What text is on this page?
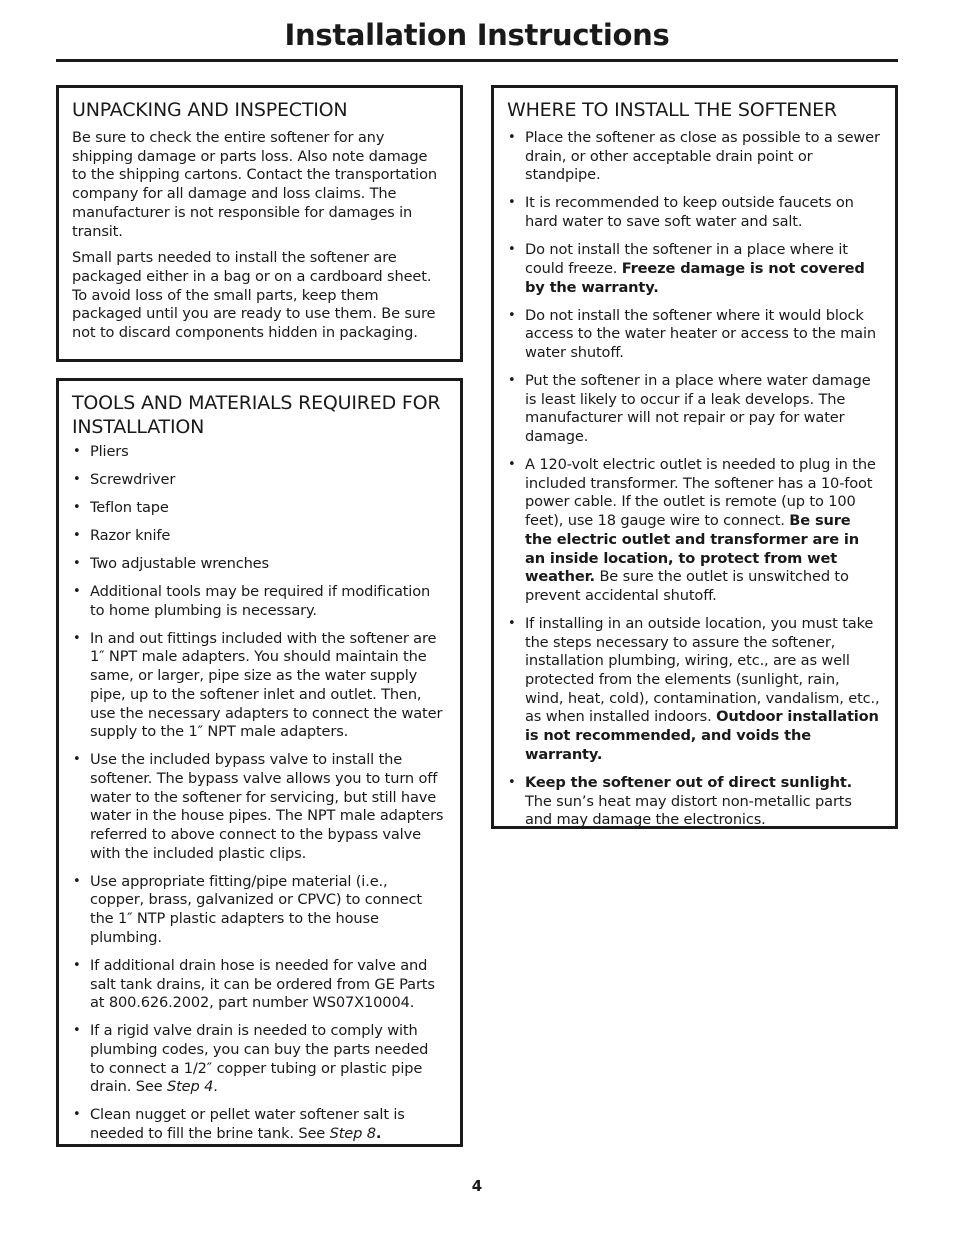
Installation Instructions
UNPACKING AND INSPECTION

Be sure to check the entire softener for any shipping damage or parts loss. Also note damage to the shipping cartons. Contact the transportation company for all damage and loss claims. The manufacturer is not responsible for damages in transit.

Small parts needed to install the softener are packaged either in a bag or on a cardboard sheet. To avoid loss of the small parts, keep them packaged until you are ready to use them. Be sure not to discard components hidden in packaging.

TOOLS AND MATERIALS REQUIRED FOR INSTALLATION
• Pliers
• Screwdriver
• Teflon tape
• Razor knife
• Two adjustable wrenches
• Additional tools may be required if modification to home plumbing is necessary.
• In and out fittings included with the softener are 1″ NPT male adapters. You should maintain the same, or larger, pipe size as the water supply pipe, up to the softener inlet and outlet. Then, use the necessary adapters to connect the water supply to the 1″ NPT male adapters.
• Use the included bypass valve to install the softener. The bypass valve allows you to turn off water to the softener for servicing, but still have water in the house pipes. The NPT male adapters referred to above connect to the bypass valve with the included plastic clips.
• Use appropriate fitting/pipe material (i.e., copper, brass, galvanized or CPVC) to connect the 1″ NTP plastic adapters to the house plumbing.
• If additional drain hose is needed for valve and salt tank drains, it can be ordered from GE Parts at 800.626.2002, part number WS07X10004.
• If a rigid valve drain is needed to comply with plumbing codes, you can buy the parts needed to connect a 1/2″ copper tubing or plastic pipe drain. See Step 4.
• Clean nugget or pellet water softener salt is needed to fill the brine tank. See Step 8.
WHERE TO INSTALL THE SOFTENER
• Place the softener as close as possible to a sewer drain, or other acceptable drain point or standpipe.
• It is recommended to keep outside faucets on hard water to save soft water and salt.
• Do not install the softener in a place where it could freeze. Freeze damage is not covered by the warranty.
• Do not install the softener where it would block access to the water heater or access to the main water shutoff.
• Put the softener in a place where water damage is least likely to occur if a leak develops. The manufacturer will not repair or pay for water damage.
• A 120-volt electric outlet is needed to plug in the included transformer. The softener has a 10-foot power cable. If the outlet is remote (up to 100 feet), use 18 gauge wire to connect. Be sure the electric outlet and transformer are in an inside location, to protect from wet weather. Be sure the outlet is unswitched to prevent accidental shutoff.
• If installing in an outside location, you must take the steps necessary to assure the softener, installation plumbing, wiring, etc., are as well protected from the elements (sunlight, rain, wind, heat, cold), contamination, vandalism, etc., as when installed indoors. Outdoor installation is not recommended, and voids the warranty.
• Keep the softener out of direct sunlight.
The sun’s heat may distort non-metallic parts and may damage the electronics.
4
